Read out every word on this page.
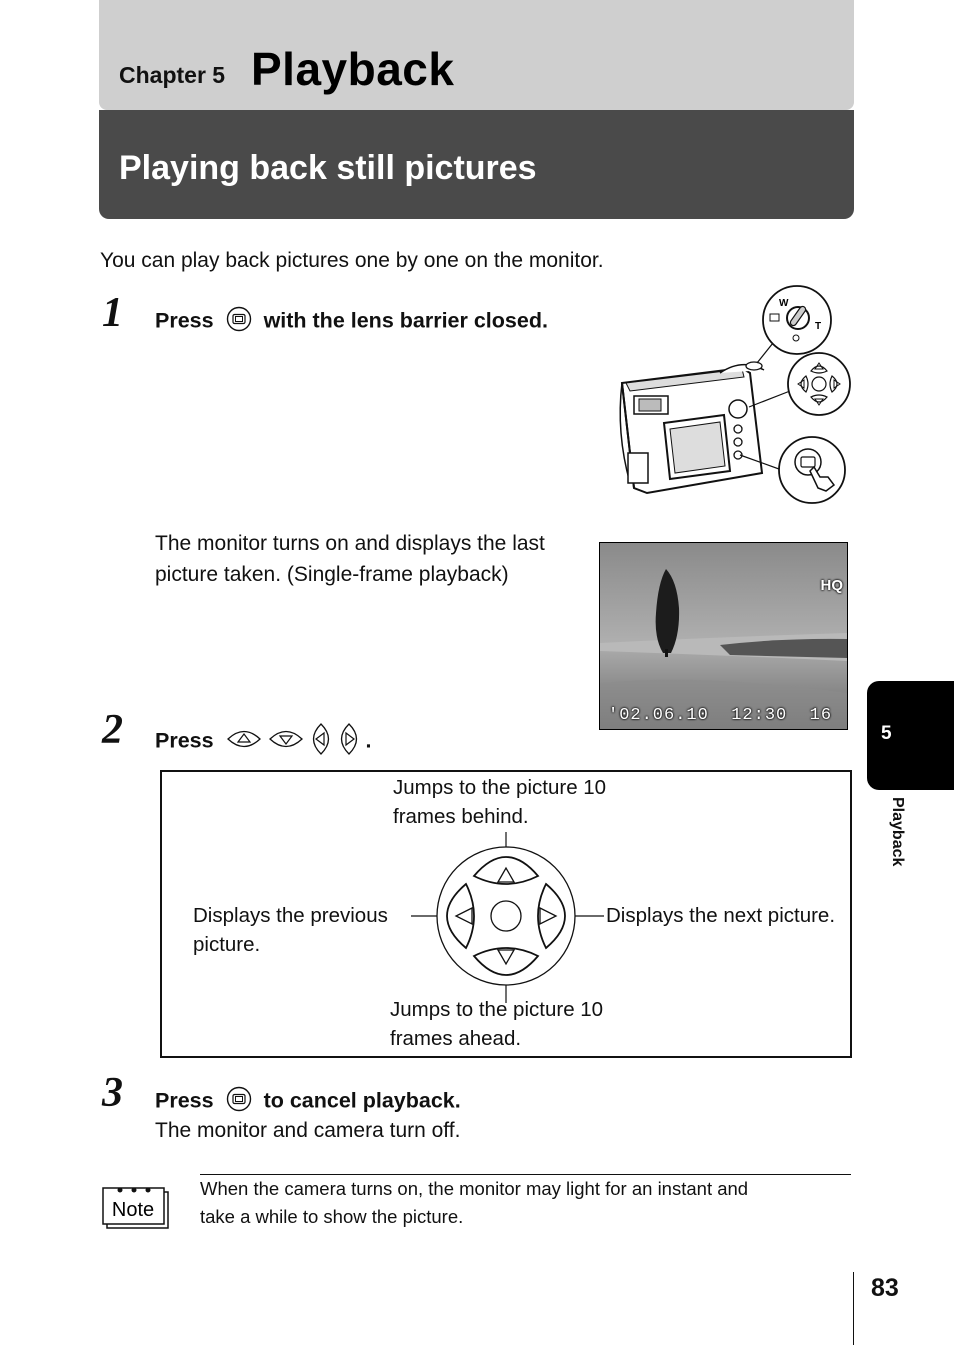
Chapter 5 Playback
Playing back still pictures
You can play back pictures one by one on the monitor.
1 Press with the lens barrier closed.
W
T
The monitor turns on and displays the last
picture taken. (Single-frame playback)	HQ
'02.06.10 12:30 16
2 Press	.
Jumps to the picture 10
frames behind.
Displays the previous
picture.
Displays the next picture.
Jumps to the picture 10
frames ahead.
3 Press to cancel playback.
The monitor and camera turn off.
Note
When the camera turns on, the monitor may light for an instant and
take a while to show the picture.
5
Playback
83
